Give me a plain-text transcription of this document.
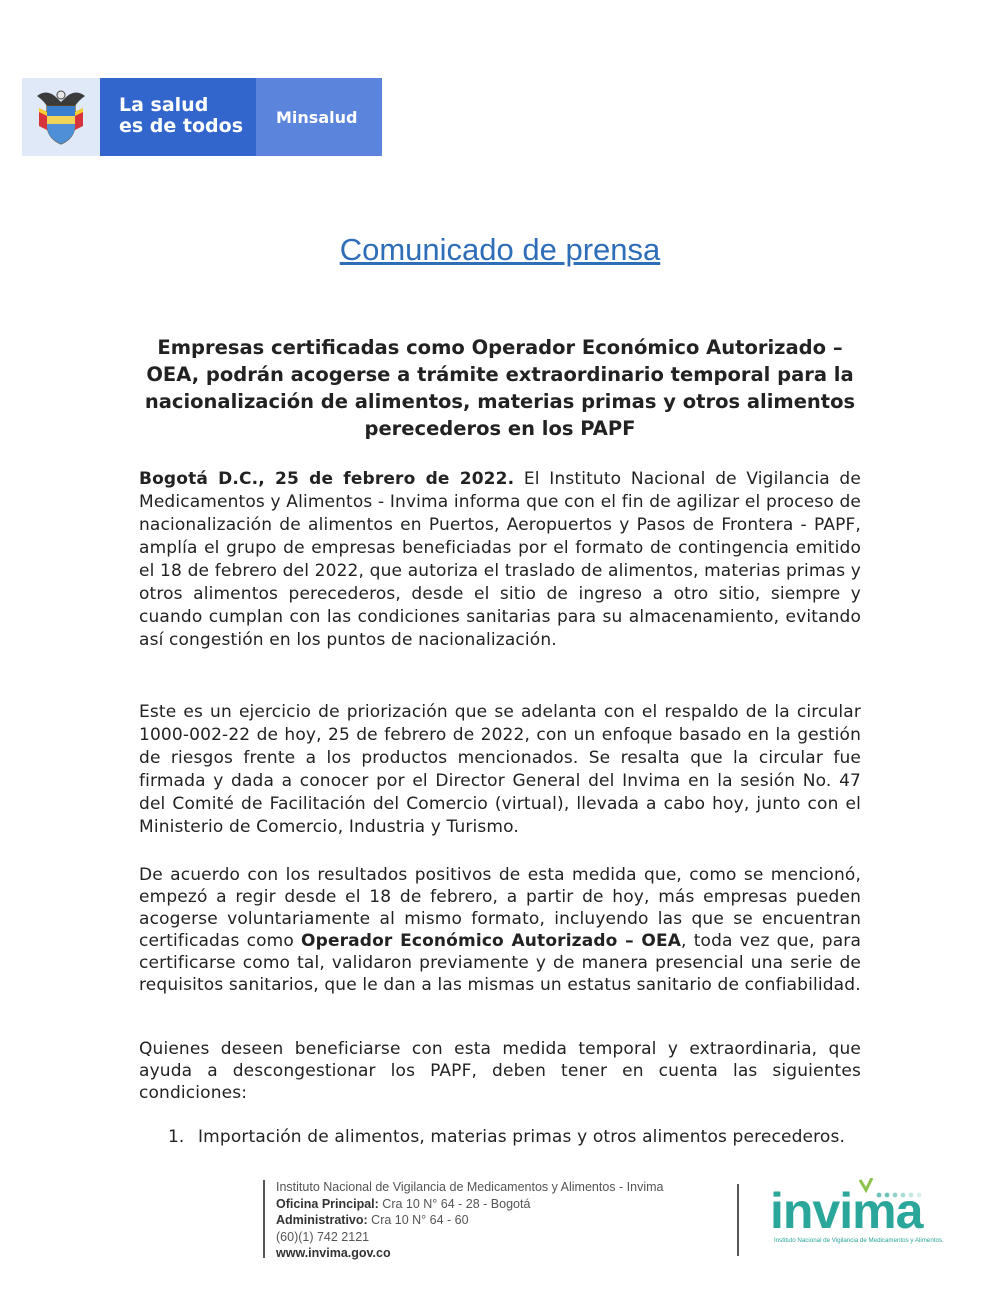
La salud
es de todos	Minsalud
Comunicado de prensa

Empresas certificadas como Operador Económico Autorizado – OEA, podrán acogerse a trámite extraordinario temporal para la nacionalización de alimentos, materias primas y otros alimentos perecederos en los PAPF

Bogotá D.C., 25 de febrero de 2022. El Instituto Nacional de Vigilancia de Medicamentos y Alimentos - Invima informa que con el fin de agilizar el proceso de nacionalización de alimentos en Puertos, Aeropuertos y Pasos de Frontera - PAPF, amplía el grupo de empresas beneficiadas por el formato de contingencia emitido el 18 de febrero del 2022, que autoriza el traslado de alimentos, materias primas y otros alimentos perecederos, desde el sitio de ingreso a otro sitio, siempre y cuando cumplan con las condiciones sanitarias para su almacenamiento, evitando así congestión en los puntos de nacionalización.

Este es un ejercicio de priorización que se adelanta con el respaldo de la circular 1000-002-22 de hoy, 25 de febrero de 2022, con un enfoque basado en la gestión de riesgos frente a los productos mencionados. Se resalta que la circular fue firmada y dada a conocer por el Director General del Invima en la sesión No. 47 del Comité de Facilitación del Comercio (virtual), llevada a cabo hoy, junto con el Ministerio de Comercio, Industria y Turismo.

De acuerdo con los resultados positivos de esta medida que, como se mencionó, empezó a regir desde el 18 de febrero, a partir de hoy, más empresas pueden acogerse voluntariamente al mismo formato, incluyendo las que se encuentran certificadas como Operador Económico Autorizado – OEA, toda vez que, para certificarse como tal, validaron previamente y de manera presencial una serie de requisitos sanitarios, que le dan a las mismas un estatus sanitario de confiabilidad.

Quienes deseen beneficiarse con esta medida temporal y extraordinaria, que ayuda a descongestionar los PAPF, deben tener en cuenta las siguientes condiciones:

1. Importación de alimentos, materias primas y otros alimentos perecederos.
Instituto Nacional de Vigilancia de Medicamentos y Alimentos - Invima
Oficina Principal: Cra 10 N° 64 - 28 - Bogotá
Administrativo: Cra 10 N° 64 - 60
(60)(1) 742 2121
www.invima.gov.co
invima
Instituto Nacional de Vigilancia de Medicamentos y Alimentos.
